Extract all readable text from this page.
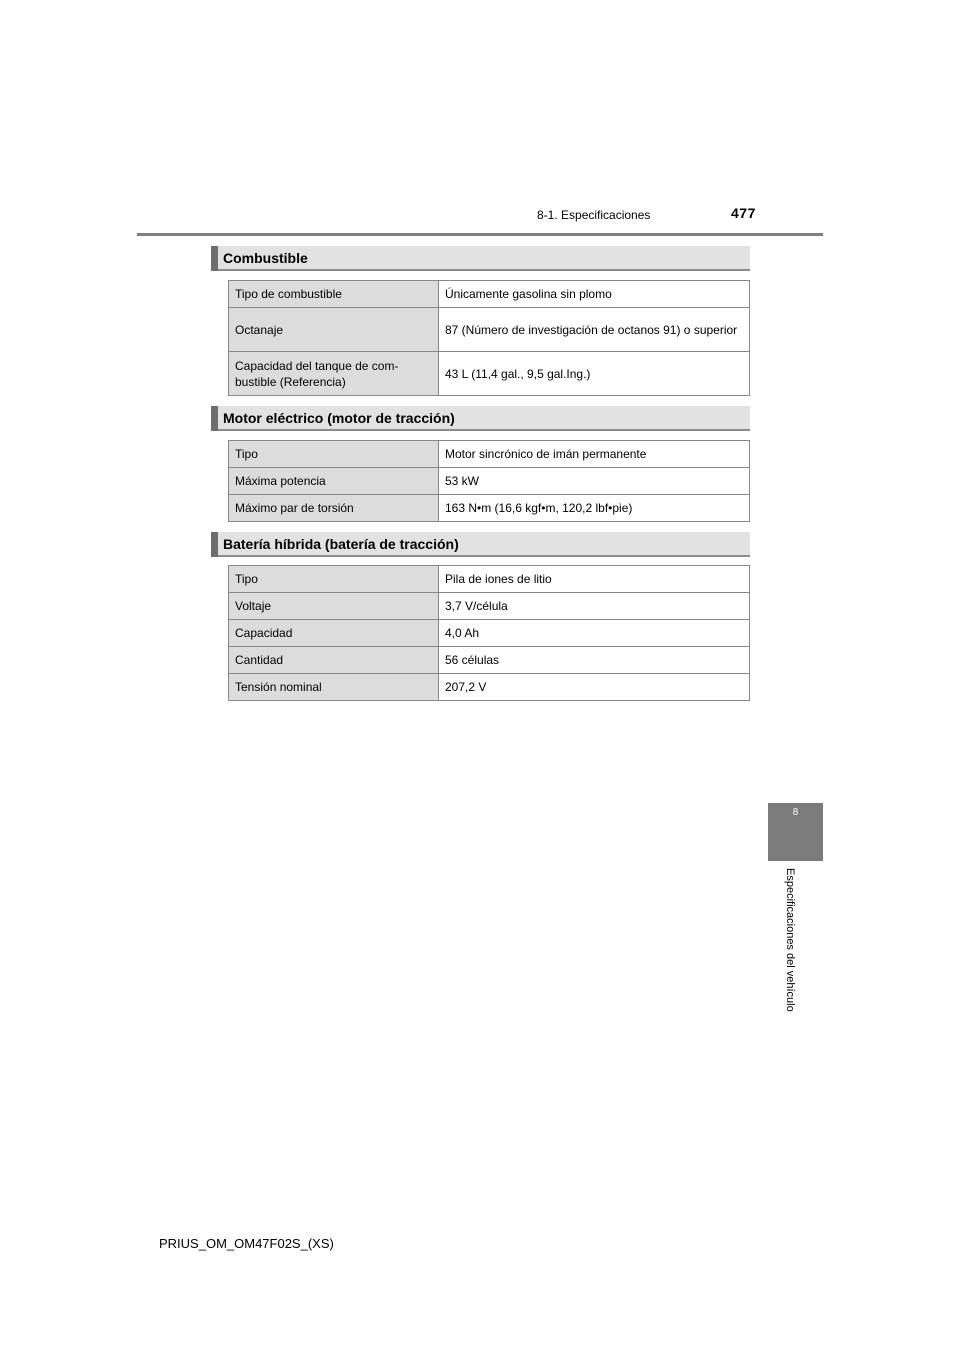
8-1. Especificaciones	477
8
Especificaciones del vehículo
Combustible
Tipo de combustible	Únicamente gasolina sin plomo
Octanaje	87 (Número de investigación de octanos 91) o superior
Capacidad del tanque de com-bustible (Referencia)	43 L (11,4 gal., 9,5 gal.Ing.)
Motor eléctrico (motor de tracción)
Tipo	Motor sincrónico de imán permanente
Máxima potencia	53 kW
Máximo par de torsión	163 N•m (16,6 kgf•m, 120,2 lbf•pie)
Batería híbrida (batería de tracción)
Tipo	Pila de iones de litio
Voltaje	3,7 V/célula
Capacidad	4,0 Ah
Cantidad	56 células
Tensión nominal	207,2 V
PRIUS_OM_OM47F02S_(XS)
